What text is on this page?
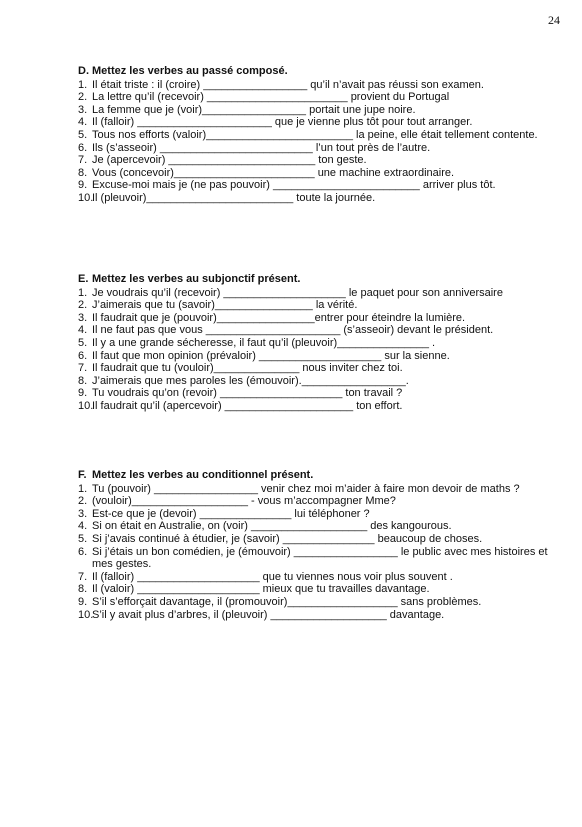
24
D. Mettez les verbes au passé composé.
1. Il était triste : il (croire) _________________ qu’il n’avait pas réussi son examen.
2. La lettre qu’il (recevoir) _______________________ provient du Portugal
3. La femme que je (voir)_________________ portait une jupe noire.
4. Il (falloir) ______________________ que je vienne plus tôt pour tout arranger.
5. Tous nos efforts (valoir)________________________ la peine, elle était tellement contente.
6. Ils (s’asseoir) _________________________ l’un tout près de l’autre.
7. Je (apercevoir) ________________________ ton geste.
8. Vous (concevoir)_______________________ une machine extraordinaire.
9. Excuse-moi mais je (ne pas pouvoir) ________________________ arriver plus tôt.
10.
Il (pleuvoir)________________________ toute la journée.
E. Mettez les verbes au subjonctif présent.
1. Je voudrais qu’il (recevoir) ____________________ le paquet pour son anniversaire
2. J’aimerais que tu (savoir)________________ la vérité.
3. Il faudrait que je (pouvoir)________________entrer pour éteindre la lumière.
4. Il ne faut pas que vous ______________________ (s’asseoir) devant le président.
5. Il y a une grande sécheresse, il faut qu’il (pleuvoir)_______________ .
6. Il faut que mon opinion (prévaloir) ____________________ sur la sienne.
7. Il faudrait que tu (vouloir)______________ nous inviter chez toi.
8. J’aimerais que mes paroles les (émouvoir)._________________.
9. Tu voudrais qu’on (revoir) ____________________ ton travail ?
10.
Il faudrait qu’il (apercevoir) _____________________ ton effort.
F. Mettez les verbes au conditionnel présent.
1. Tu (pouvoir) _________________ venir chez moi m’aider à faire mon devoir de maths ?
2. (vouloir)___________________ - vous m’accompagner Mme?
3. Est-ce que je (devoir) _______________ lui téléphoner ?
4. Si on était en Australie, on (voir) ___________________ des kangourous.
5. Si j’avais continué à étudier, je (savoir) _______________ beaucoup de choses.
6. Si j’étais un bon comédien, je (émouvoir) _________________ le public avec mes histoires et mes gestes.
7. Il (falloir) ____________________ que tu viennes nous voir plus souvent .
8. Il (valoir) ____________________ mieux que tu travailles davantage.
9. S’il s’efforçait davantage, il (promouvoir)__________________ sans problèmes.
10.
S’il y avait plus d’arbres, il (pleuvoir) ___________________ davantage.
